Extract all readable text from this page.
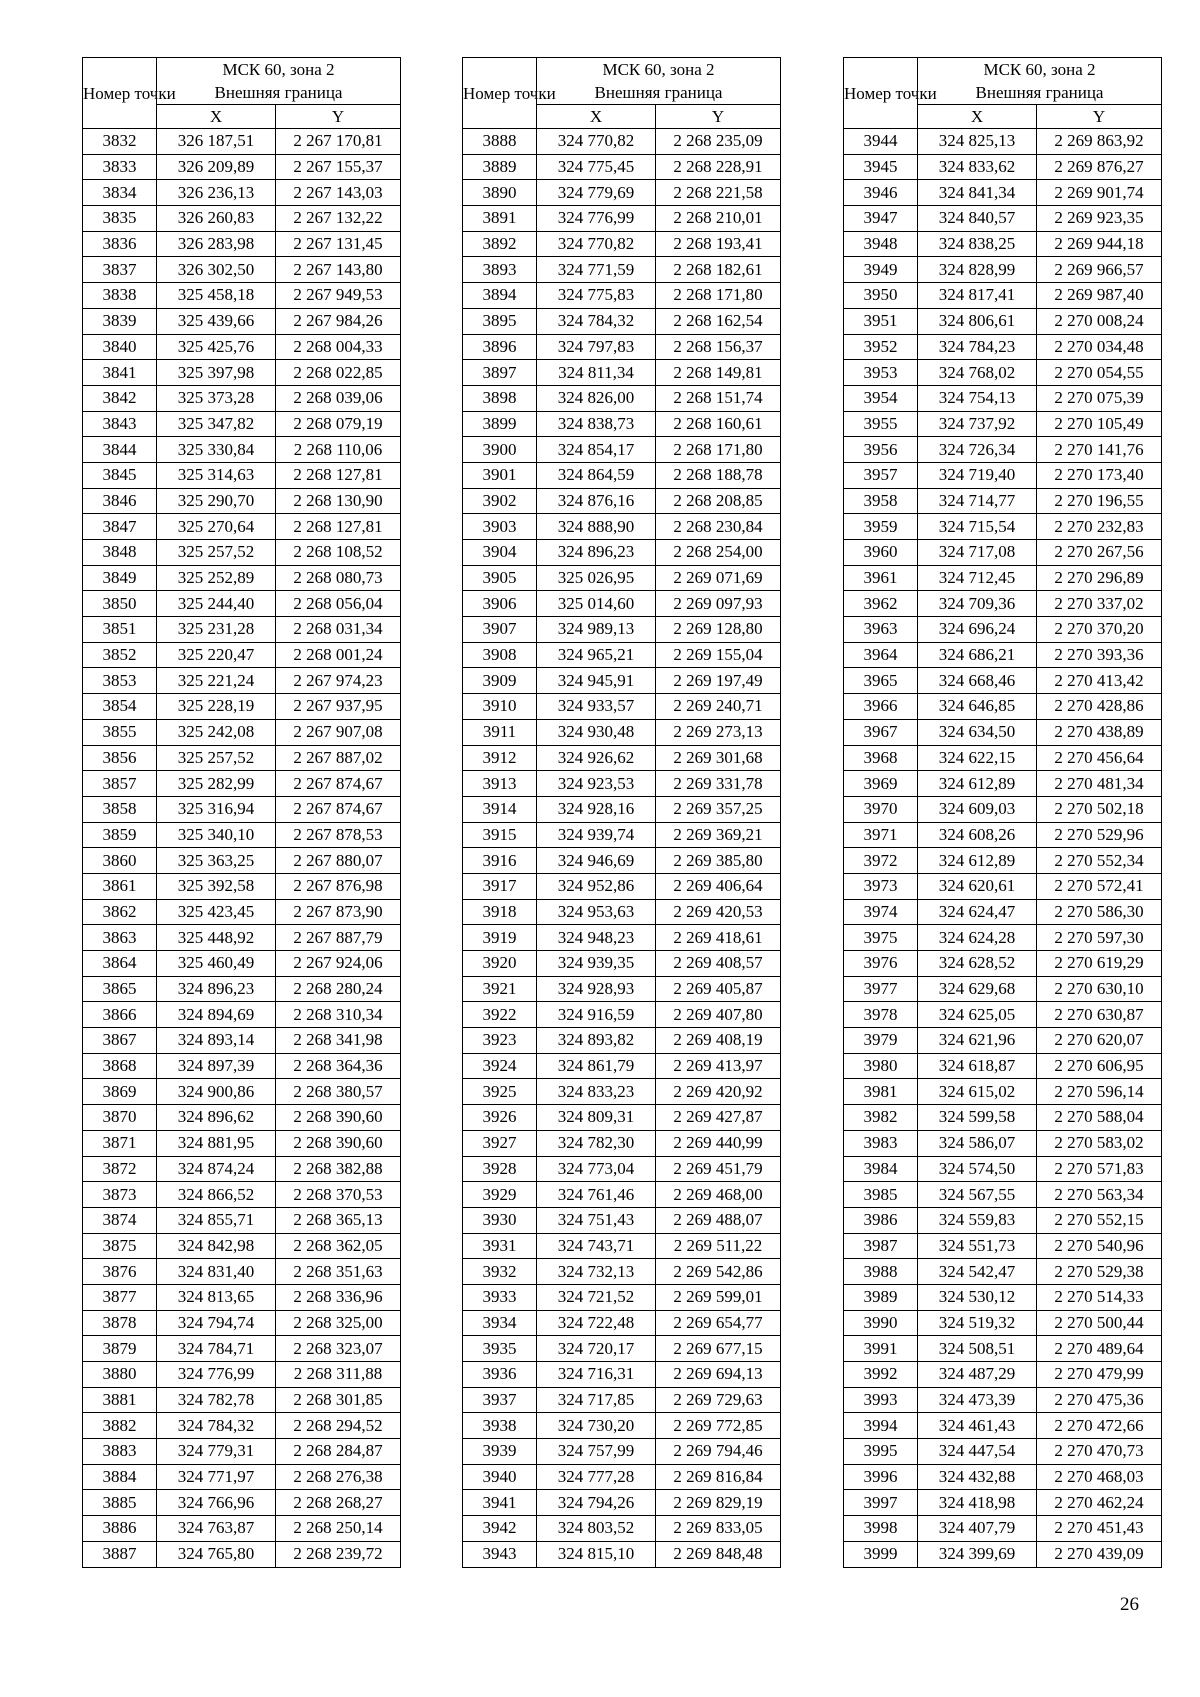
Номер точки	МСК 60, зона 2
Внешняя граница	
	X	Y
3832	326 187,51	2 267 170,81
3833	326 209,89	2 267 155,37
3834	326 236,13	2 267 143,03
3835	326 260,83	2 267 132,22
3836	326 283,98	2 267 131,45
3837	326 302,50	2 267 143,80
3838	325 458,18	2 267 949,53
3839	325 439,66	2 267 984,26
3840	325 425,76	2 268 004,33
3841	325 397,98	2 268 022,85
3842	325 373,28	2 268 039,06
3843	325 347,82	2 268 079,19
3844	325 330,84	2 268 110,06
3845	325 314,63	2 268 127,81
3846	325 290,70	2 268 130,90
3847	325 270,64	2 268 127,81
3848	325 257,52	2 268 108,52
3849	325 252,89	2 268 080,73
3850	325 244,40	2 268 056,04
3851	325 231,28	2 268 031,34
3852	325 220,47	2 268 001,24
3853	325 221,24	2 267 974,23
3854	325 228,19	2 267 937,95
3855	325 242,08	2 267 907,08
3856	325 257,52	2 267 887,02
3857	325 282,99	2 267 874,67
3858	325 316,94	2 267 874,67
3859	325 340,10	2 267 878,53
3860	325 363,25	2 267 880,07
3861	325 392,58	2 267 876,98
3862	325 423,45	2 267 873,90
3863	325 448,92	2 267 887,79
3864	325 460,49	2 267 924,06
3865	324 896,23	2 268 280,24
3866	324 894,69	2 268 310,34
3867	324 893,14	2 268 341,98
3868	324 897,39	2 268 364,36
3869	324 900,86	2 268 380,57
3870	324 896,62	2 268 390,60
3871	324 881,95	2 268 390,60
3872	324 874,24	2 268 382,88
3873	324 866,52	2 268 370,53
3874	324 855,71	2 268 365,13
3875	324 842,98	2 268 362,05
3876	324 831,40	2 268 351,63
3877	324 813,65	2 268 336,96
3878	324 794,74	2 268 325,00
3879	324 784,71	2 268 323,07
3880	324 776,99	2 268 311,88
3881	324 782,78	2 268 301,85
3882	324 784,32	2 268 294,52
3883	324 779,31	2 268 284,87
3884	324 771,97	2 268 276,38
3885	324 766,96	2 268 268,27
3886	324 763,87	2 268 250,14
3887	324 765,80	2 268 239,72
Номер точки	МСК 60, зона 2
Внешняя граница	
	X	Y
3888	324 770,82	2 268 235,09
3889	324 775,45	2 268 228,91
3890	324 779,69	2 268 221,58
3891	324 776,99	2 268 210,01
3892	324 770,82	2 268 193,41
3893	324 771,59	2 268 182,61
3894	324 775,83	2 268 171,80
3895	324 784,32	2 268 162,54
3896	324 797,83	2 268 156,37
3897	324 811,34	2 268 149,81
3898	324 826,00	2 268 151,74
3899	324 838,73	2 268 160,61
3900	324 854,17	2 268 171,80
3901	324 864,59	2 268 188,78
3902	324 876,16	2 268 208,85
3903	324 888,90	2 268 230,84
3904	324 896,23	2 268 254,00
3905	325 026,95	2 269 071,69
3906	325 014,60	2 269 097,93
3907	324 989,13	2 269 128,80
3908	324 965,21	2 269 155,04
3909	324 945,91	2 269 197,49
3910	324 933,57	2 269 240,71
3911	324 930,48	2 269 273,13
3912	324 926,62	2 269 301,68
3913	324 923,53	2 269 331,78
3914	324 928,16	2 269 357,25
3915	324 939,74	2 269 369,21
3916	324 946,69	2 269 385,80
3917	324 952,86	2 269 406,64
3918	324 953,63	2 269 420,53
3919	324 948,23	2 269 418,61
3920	324 939,35	2 269 408,57
3921	324 928,93	2 269 405,87
3922	324 916,59	2 269 407,80
3923	324 893,82	2 269 408,19
3924	324 861,79	2 269 413,97
3925	324 833,23	2 269 420,92
3926	324 809,31	2 269 427,87
3927	324 782,30	2 269 440,99
3928	324 773,04	2 269 451,79
3929	324 761,46	2 269 468,00
3930	324 751,43	2 269 488,07
3931	324 743,71	2 269 511,22
3932	324 732,13	2 269 542,86
3933	324 721,52	2 269 599,01
3934	324 722,48	2 269 654,77
3935	324 720,17	2 269 677,15
3936	324 716,31	2 269 694,13
3937	324 717,85	2 269 729,63
3938	324 730,20	2 269 772,85
3939	324 757,99	2 269 794,46
3940	324 777,28	2 269 816,84
3941	324 794,26	2 269 829,19
3942	324 803,52	2 269 833,05
3943	324 815,10	2 269 848,48
Номер точки	МСК 60, зона 2
Внешняя граница	
	X	Y
3944	324 825,13	2 269 863,92
3945	324 833,62	2 269 876,27
3946	324 841,34	2 269 901,74
3947	324 840,57	2 269 923,35
3948	324 838,25	2 269 944,18
3949	324 828,99	2 269 966,57
3950	324 817,41	2 269 987,40
3951	324 806,61	2 270 008,24
3952	324 784,23	2 270 034,48
3953	324 768,02	2 270 054,55
3954	324 754,13	2 270 075,39
3955	324 737,92	2 270 105,49
3956	324 726,34	2 270 141,76
3957	324 719,40	2 270 173,40
3958	324 714,77	2 270 196,55
3959	324 715,54	2 270 232,83
3960	324 717,08	2 270 267,56
3961	324 712,45	2 270 296,89
3962	324 709,36	2 270 337,02
3963	324 696,24	2 270 370,20
3964	324 686,21	2 270 393,36
3965	324 668,46	2 270 413,42
3966	324 646,85	2 270 428,86
3967	324 634,50	2 270 438,89
3968	324 622,15	2 270 456,64
3969	324 612,89	2 270 481,34
3970	324 609,03	2 270 502,18
3971	324 608,26	2 270 529,96
3972	324 612,89	2 270 552,34
3973	324 620,61	2 270 572,41
3974	324 624,47	2 270 586,30
3975	324 624,28	2 270 597,30
3976	324 628,52	2 270 619,29
3977	324 629,68	2 270 630,10
3978	324 625,05	2 270 630,87
3979	324 621,96	2 270 620,07
3980	324 618,87	2 270 606,95
3981	324 615,02	2 270 596,14
3982	324 599,58	2 270 588,04
3983	324 586,07	2 270 583,02
3984	324 574,50	2 270 571,83
3985	324 567,55	2 270 563,34
3986	324 559,83	2 270 552,15
3987	324 551,73	2 270 540,96
3988	324 542,47	2 270 529,38
3989	324 530,12	2 270 514,33
3990	324 519,32	2 270 500,44
3991	324 508,51	2 270 489,64
3992	324 487,29	2 270 479,99
3993	324 473,39	2 270 475,36
3994	324 461,43	2 270 472,66
3995	324 447,54	2 270 470,73
3996	324 432,88	2 270 468,03
3997	324 418,98	2 270 462,24
3998	324 407,79	2 270 451,43
3999	324 399,69	2 270 439,09
26
